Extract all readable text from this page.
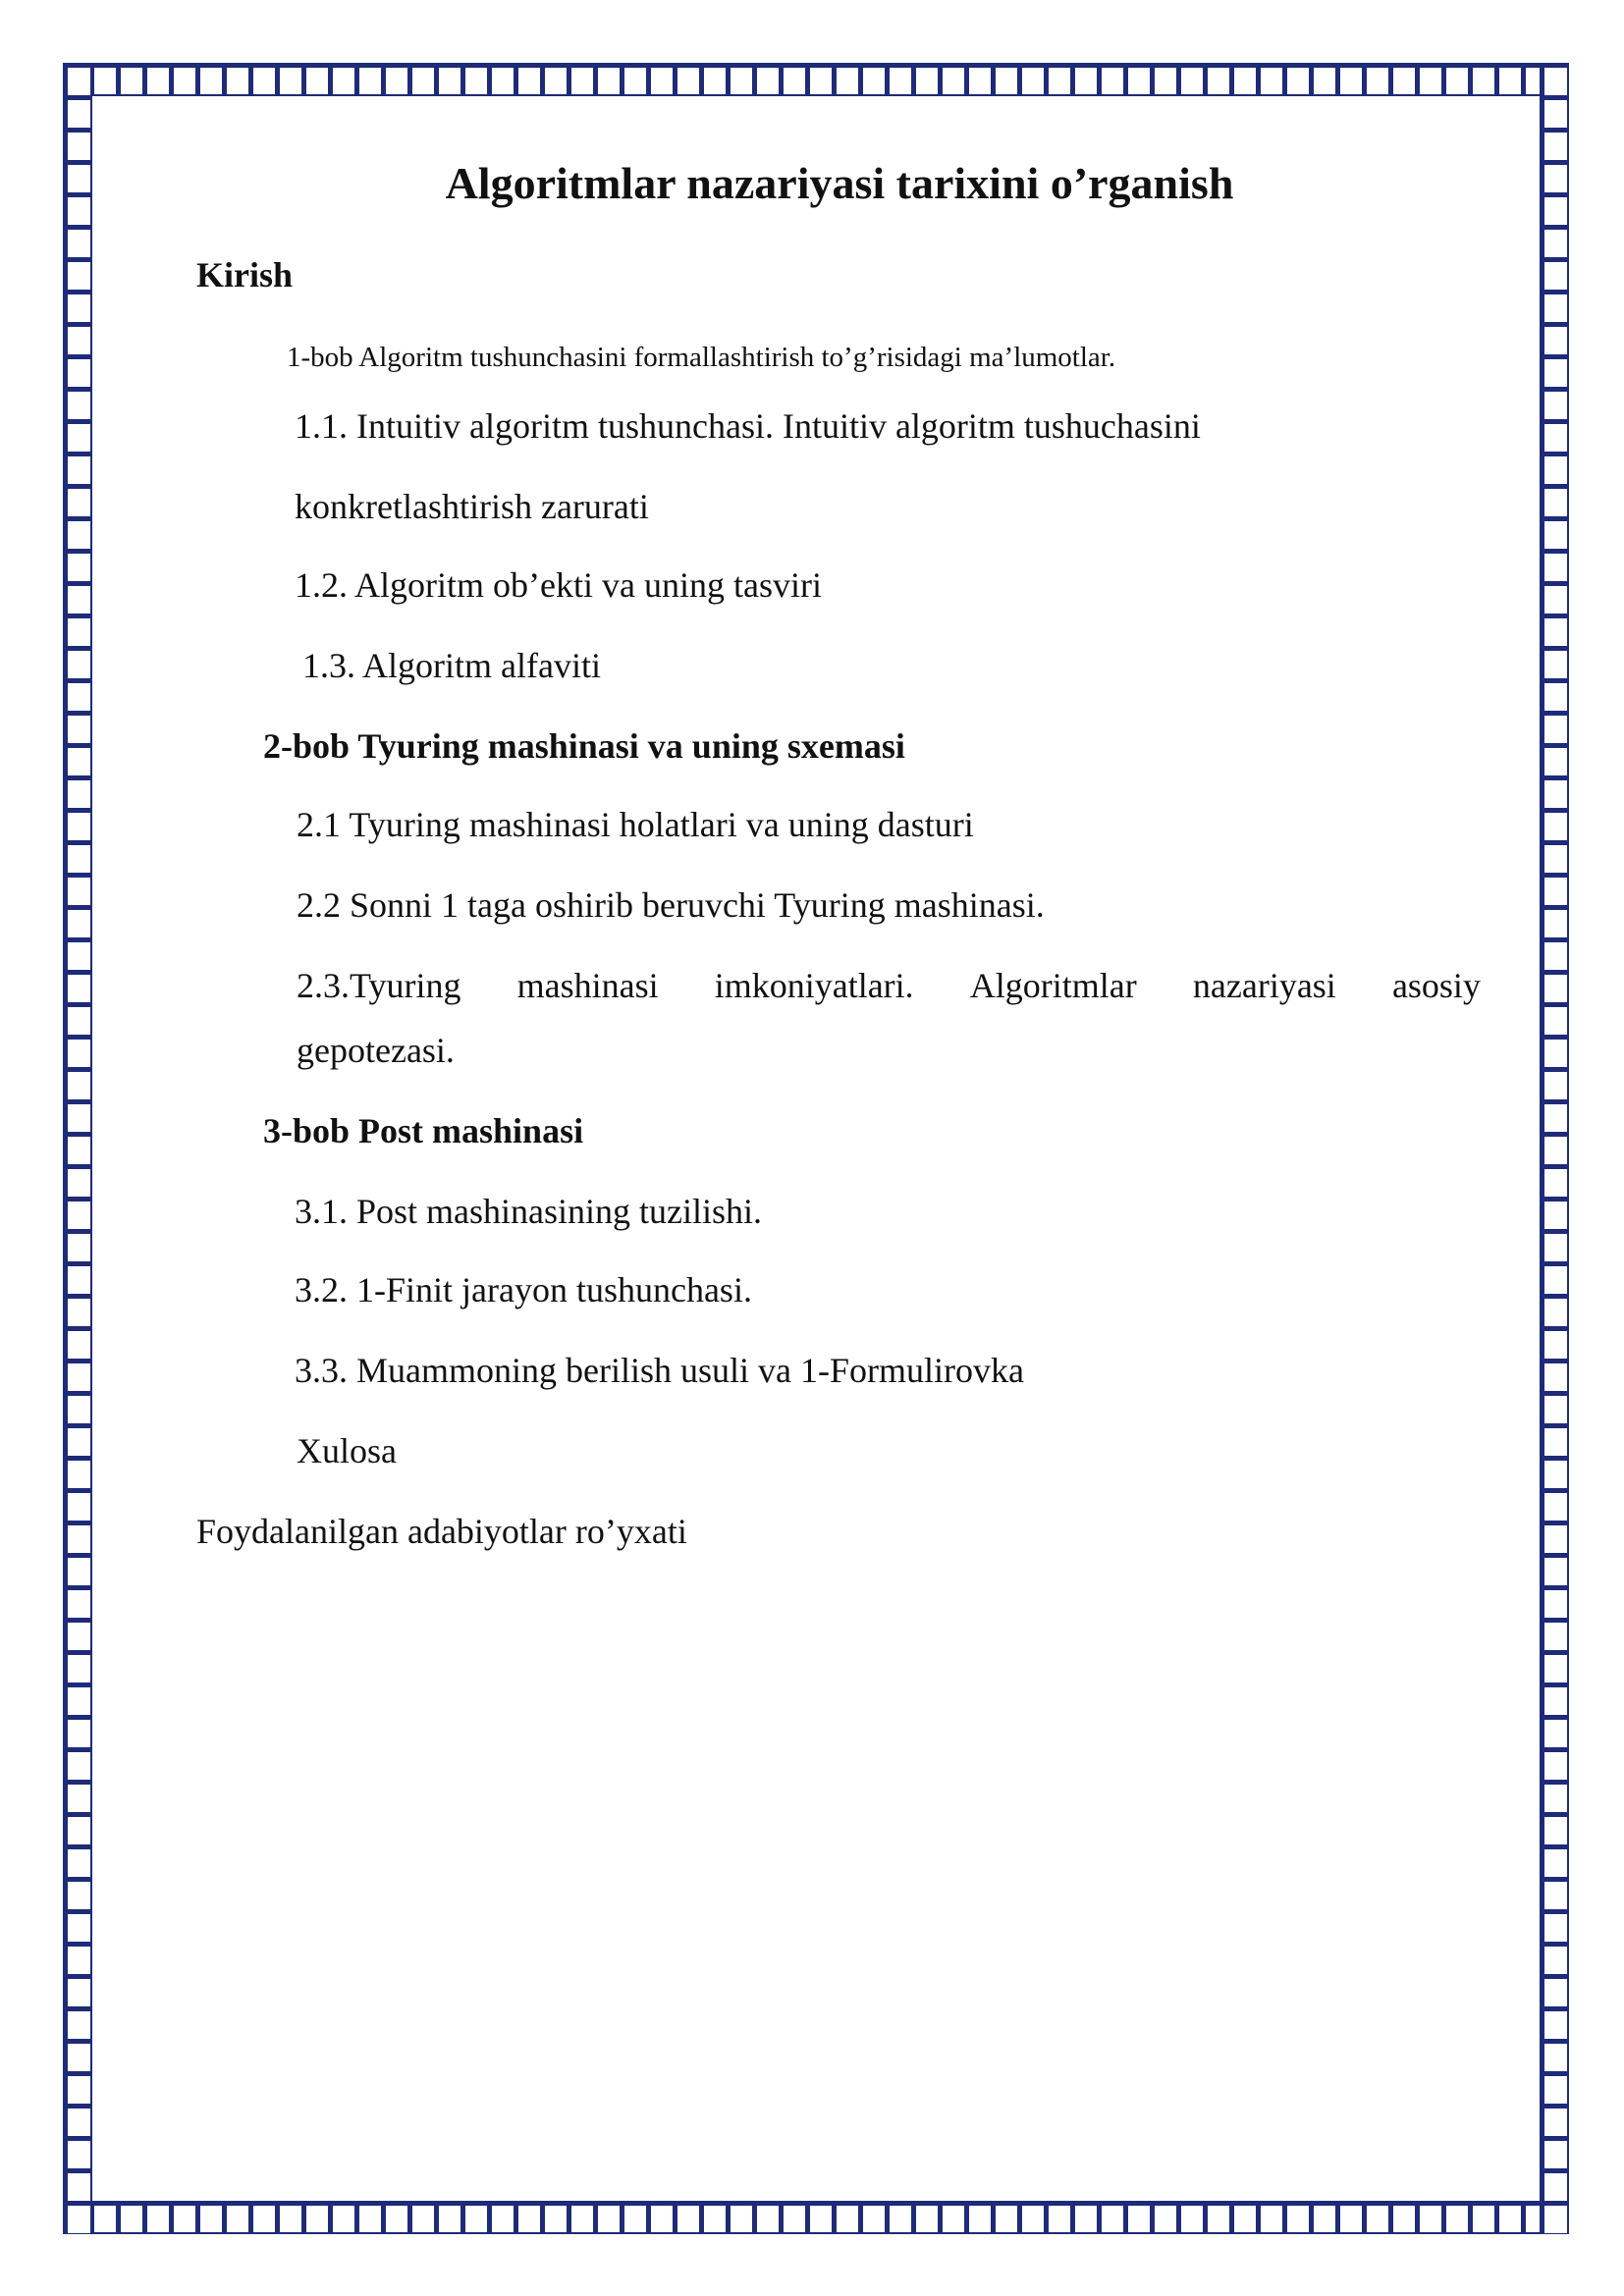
Algoritmlar nazariyasi tarixini o’rganish
Kirish
1-bob Algoritm tushunchasini formallashtirish to’g’risidagi ma’lumotlar.
1.1. Intuitiv algoritm tushunchasi. Intuitiv algoritm tushuchasini
konkretlashtirish zarurati
1.2. Algoritm ob’ekti va uning tasviri
1.3. Algoritm alfaviti
2-bob Tyuring mashinasi va uning sxemasi
2.1 Tyuring mashinasi holatlari va uning dasturi
2.2 Sonni 1 taga oshirib beruvchi Tyuring mashinasi.
2.3.Tyuring mashinasi imkoniyatlari. Algoritmlar nazariyasi asosiy
gepotezasi.
3-bob Post mashinasi
3.1. Post mashinasining tuzilishi.
3.2. 1-Finit jarayon tushunchasi.
3.3. Muammoning berilish usuli va 1-Formulirovka
Xulosa
Foydalanilgan adabiyotlar ro’yxati
